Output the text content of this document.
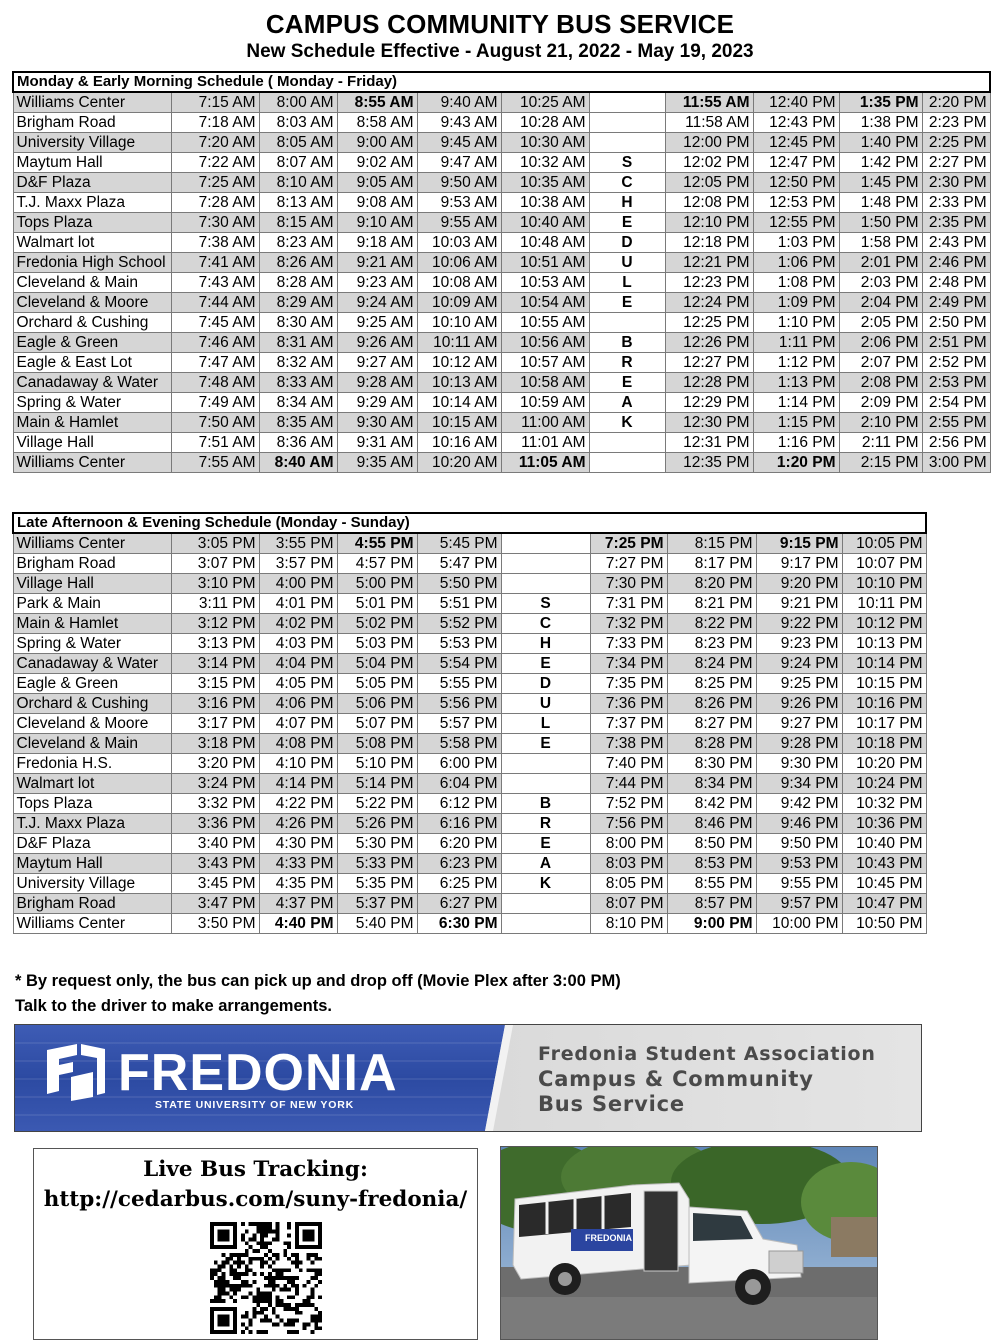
CAMPUS COMMUNITY BUS SERVICE
New Schedule Effective - August 21, 2022 - May 19, 2023
Monday & Early Morning Schedule ( Monday - Friday)										
Williams Center	7:15 AM	8:00 AM	8:55 AM	9:40 AM	10:25 AM		11:55 AM	12:40 PM	1:35 PM	2:20 PM
Brigham Road	7:18 AM	8:03 AM	8:58 AM	9:43 AM	10:28 AM		11:58 AM	12:43 PM	1:38 PM	2:23 PM
University Village	7:20 AM	8:05 AM	9:00 AM	9:45 AM	10:30 AM		12:00 PM	12:45 PM	1:40 PM	2:25 PM
Maytum Hall	7:22 AM	8:07 AM	9:02 AM	9:47 AM	10:32 AM	S	12:02 PM	12:47 PM	1:42 PM	2:27 PM
D&F Plaza	7:25 AM	8:10 AM	9:05 AM	9:50 AM	10:35 AM	C	12:05 PM	12:50 PM	1:45 PM	2:30 PM
T.J. Maxx Plaza	7:28 AM	8:13 AM	9:08 AM	9:53 AM	10:38 AM	H	12:08 PM	12:53 PM	1:48 PM	2:33 PM
Tops Plaza	7:30 AM	8:15 AM	9:10 AM	9:55 AM	10:40 AM	E	12:10 PM	12:55 PM	1:50 PM	2:35 PM
Walmart lot	7:38 AM	8:23 AM	9:18 AM	10:03 AM	10:48 AM	D	12:18 PM	1:03 PM	1:58 PM	2:43 PM
Fredonia High School	7:41 AM	8:26 AM	9:21 AM	10:06 AM	10:51 AM	U	12:21 PM	1:06 PM	2:01 PM	2:46 PM
Cleveland & Main	7:43 AM	8:28 AM	9:23 AM	10:08 AM	10:53 AM	L	12:23 PM	1:08 PM	2:03 PM	2:48 PM
Cleveland & Moore	7:44 AM	8:29 AM	9:24 AM	10:09 AM	10:54 AM	E	12:24 PM	1:09 PM	2:04 PM	2:49 PM
Orchard & Cushing	7:45 AM	8:30 AM	9:25 AM	10:10 AM	10:55 AM		12:25 PM	1:10 PM	2:05 PM	2:50 PM
Eagle & Green	7:46 AM	8:31 AM	9:26 AM	10:11 AM	10:56 AM	B	12:26 PM	1:11 PM	2:06 PM	2:51 PM
Eagle & East Lot	7:47 AM	8:32 AM	9:27 AM	10:12 AM	10:57 AM	R	12:27 PM	1:12 PM	2:07 PM	2:52 PM
Canadaway & Water	7:48 AM	8:33 AM	9:28 AM	10:13 AM	10:58 AM	E	12:28 PM	1:13 PM	2:08 PM	2:53 PM
Spring & Water	7:49 AM	8:34 AM	9:29 AM	10:14 AM	10:59 AM	A	12:29 PM	1:14 PM	2:09 PM	2:54 PM
Main & Hamlet	7:50 AM	8:35 AM	9:30 AM	10:15 AM	11:00 AM	K	12:30 PM	1:15 PM	2:10 PM	2:55 PM
Village Hall	7:51 AM	8:36 AM	9:31 AM	10:16 AM	11:01 AM		12:31 PM	1:16 PM	2:11 PM	2:56 PM
Williams Center	7:55 AM	8:40 AM	9:35 AM	10:20 AM	11:05 AM		12:35 PM	1:20 PM	2:15 PM	3:00 PM
Late Afternoon & Evening Schedule (Monday - Sunday)									
Williams Center	3:05 PM	3:55 PM	4:55 PM	5:45 PM		7:25 PM	8:15 PM	9:15 PM	10:05 PM
Brigham Road	3:07 PM	3:57 PM	4:57 PM	5:47 PM		7:27 PM	8:17 PM	9:17 PM	10:07 PM
Village Hall	3:10 PM	4:00 PM	5:00 PM	5:50 PM		7:30 PM	8:20 PM	9:20 PM	10:10 PM
Park & Main	3:11 PM	4:01 PM	5:01 PM	5:51 PM	S	7:31 PM	8:21 PM	9:21 PM	10:11 PM
Main & Hamlet	3:12 PM	4:02 PM	5:02 PM	5:52 PM	C	7:32 PM	8:22 PM	9:22 PM	10:12 PM
Spring & Water	3:13 PM	4:03 PM	5:03 PM	5:53 PM	H	7:33 PM	8:23 PM	9:23 PM	10:13 PM
Canadaway & Water	3:14 PM	4:04 PM	5:04 PM	5:54 PM	E	7:34 PM	8:24 PM	9:24 PM	10:14 PM
Eagle & Green	3:15 PM	4:05 PM	5:05 PM	5:55 PM	D	7:35 PM	8:25 PM	9:25 PM	10:15 PM
Orchard & Cushing	3:16 PM	4:06 PM	5:06 PM	5:56 PM	U	7:36 PM	8:26 PM	9:26 PM	10:16 PM
Cleveland & Moore	3:17 PM	4:07 PM	5:07 PM	5:57 PM	L	7:37 PM	8:27 PM	9:27 PM	10:17 PM
Cleveland & Main	3:18 PM	4:08 PM	5:08 PM	5:58 PM	E	7:38 PM	8:28 PM	9:28 PM	10:18 PM
Fredonia H.S.	3:20 PM	4:10 PM	5:10 PM	6:00 PM		7:40 PM	8:30 PM	9:30 PM	10:20 PM
Walmart lot	3:24 PM	4:14 PM	5:14 PM	6:04 PM		7:44 PM	8:34 PM	9:34 PM	10:24 PM
Tops Plaza	3:32 PM	4:22 PM	5:22 PM	6:12 PM	B	7:52 PM	8:42 PM	9:42 PM	10:32 PM
T.J. Maxx Plaza	3:36 PM	4:26 PM	5:26 PM	6:16 PM	R	7:56 PM	8:46 PM	9:46 PM	10:36 PM
D&F Plaza	3:40 PM	4:30 PM	5:30 PM	6:20 PM	E	8:00 PM	8:50 PM	9:50 PM	10:40 PM
Maytum Hall	3:43 PM	4:33 PM	5:33 PM	6:23 PM	A	8:03 PM	8:53 PM	9:53 PM	10:43 PM
University Village	3:45 PM	4:35 PM	5:35 PM	6:25 PM	K	8:05 PM	8:55 PM	9:55 PM	10:45 PM
Brigham Road	3:47 PM	4:37 PM	5:37 PM	6:27 PM		8:07 PM	8:57 PM	9:57 PM	10:47 PM
Williams Center	3:50 PM	4:40 PM	5:40 PM	6:30 PM		8:10 PM	9:00 PM	10:00 PM	10:50 PM
* By request only, the bus can pick up and drop off (Movie Plex after 3:00 PM)
Talk to the driver to make arrangements.
FREDONIA
STATE UNIVERSITY OF NEW YORK
Fredonia Student Association
Campus & Community
Bus Service
Live Bus Tracking:
http://cedarbus.com/suny-fredonia/
FREDONIA
